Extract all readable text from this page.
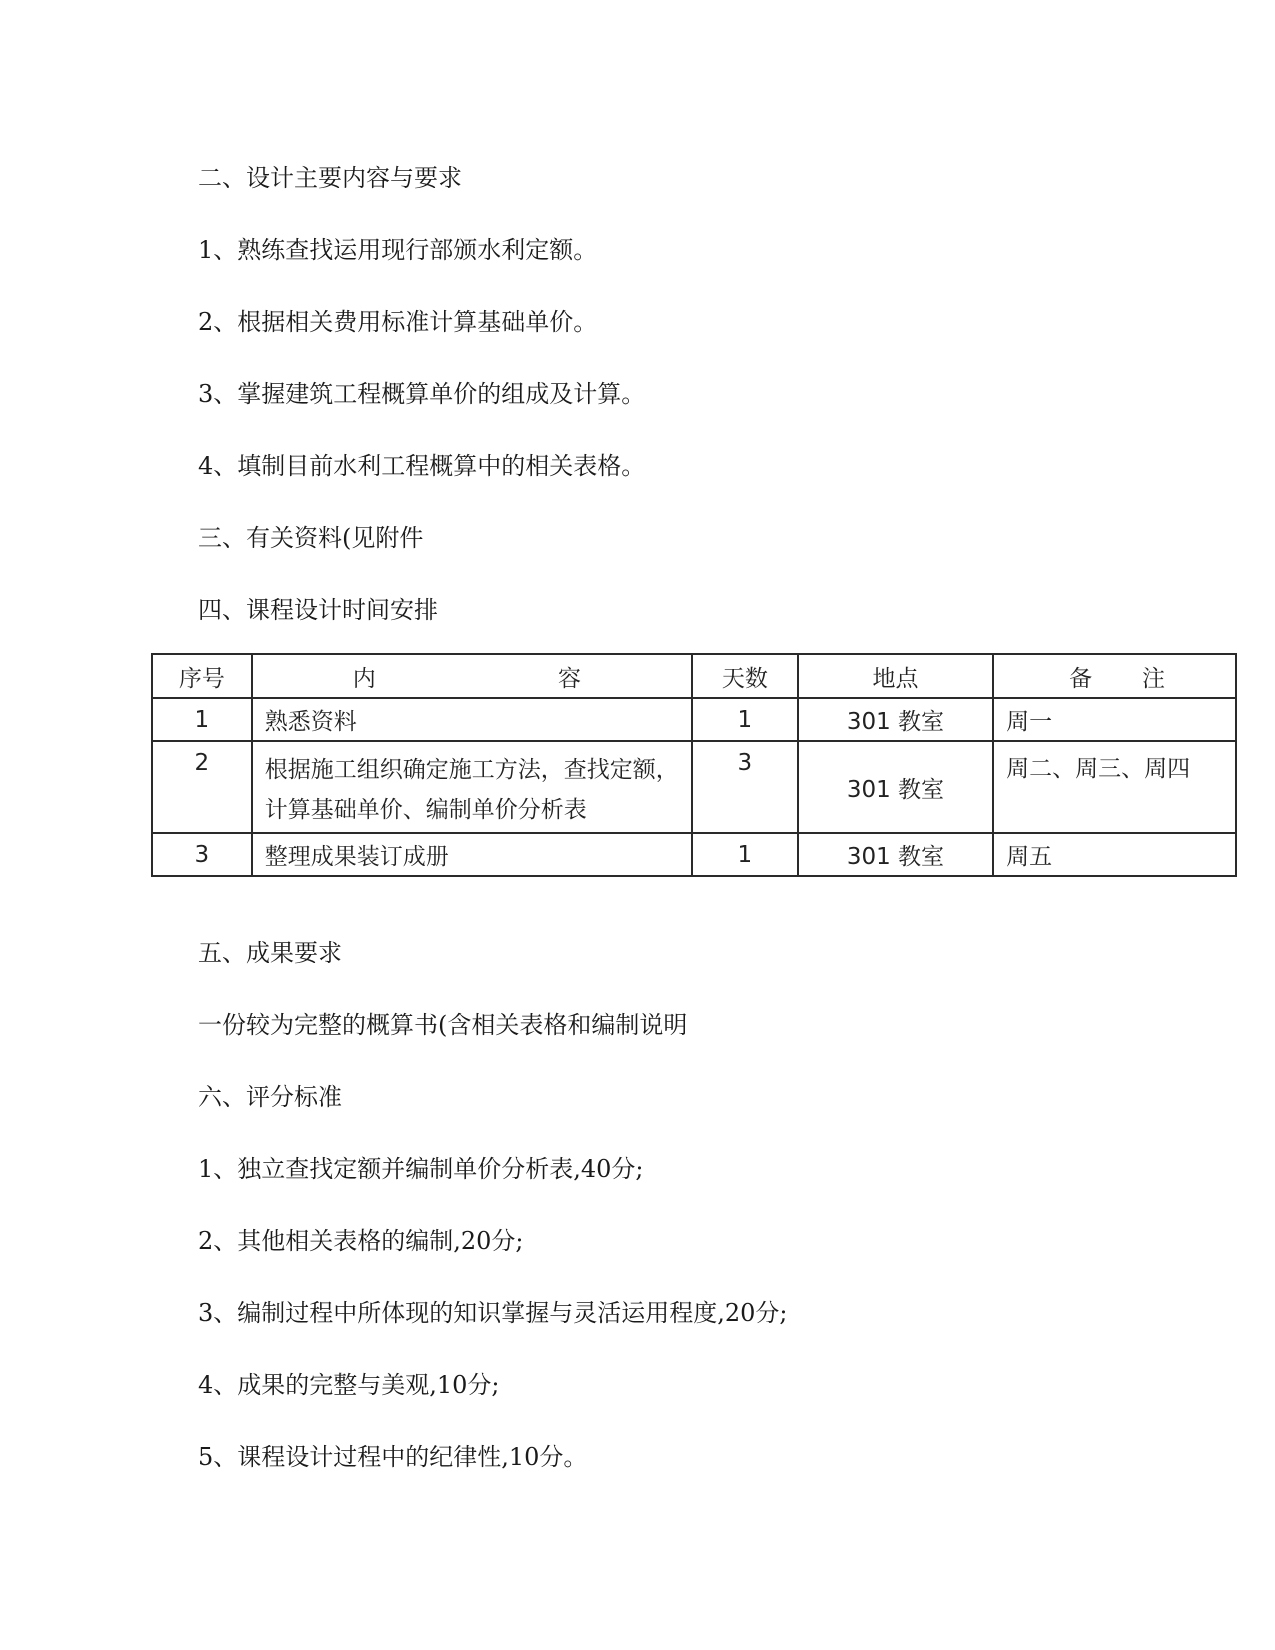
二、设计主要内容与要求
1、熟练查找运用现行部颁水利定额。
2、根据相关费用标准计算基础单价。
3、掌握建筑工程概算单价的组成及计算。
4、填制目前水利工程概算中的相关表格。
三、有关资料(见附件
四、课程设计时间安排
序号	内 容	天数	地点	备 注

1	熟悉资料	1	301 教室	周一
2	根据施工组织确定施工方法，查找定额，计算基础单价、编制单价分析表	3	301 教室	周二、周三、周四
3	整理成果装订成册	1	301 教室	周五
五、成果要求
一份较为完整的概算书(含相关表格和编制说明
六、评分标准
1、独立查找定额并编制单价分析表,40分;
2、其他相关表格的编制,20分;
3、编制过程中所体现的知识掌握与灵活运用程度,20分;
4、成果的完整与美观,10分;
5、课程设计过程中的纪律性,10分。
